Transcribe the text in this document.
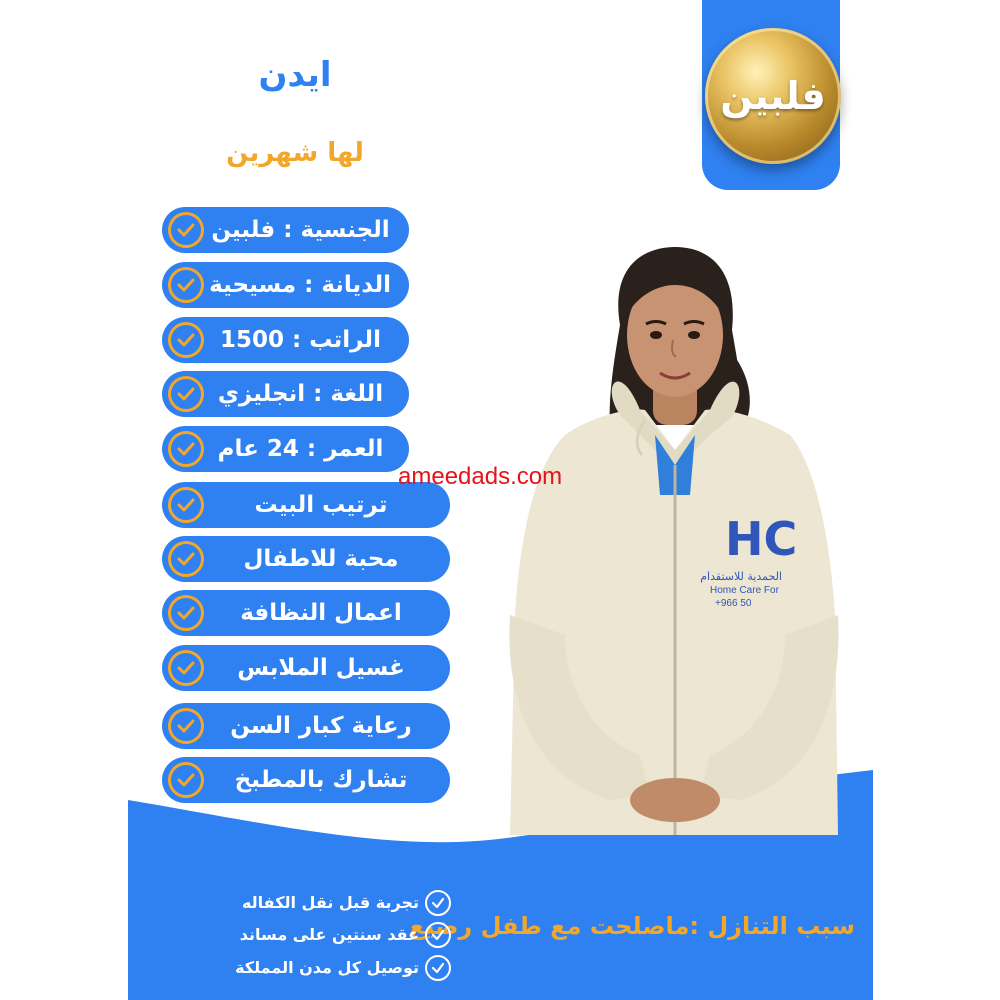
فلبين
ايدن
لها شهرين
الجنسية : فلبين
الديانة : مسيحية
الراتب : 1500
اللغة : انجليزي
العمر : 24 عام
ترتيب البيت
محبة للاطفال
اعمال النظافة
غسيل الملابس
رعاية كبار السن
تشارك بالمطبخ
HC
الحمدية للاستقدام
Home Care For
+966 50
ameedads.com
سبب التنازل :ماصلحت مع طفل رضيع
تجربة قبل نقل الكفاله
عقد سنتين على مساند
توصيل كل مدن المملكة
